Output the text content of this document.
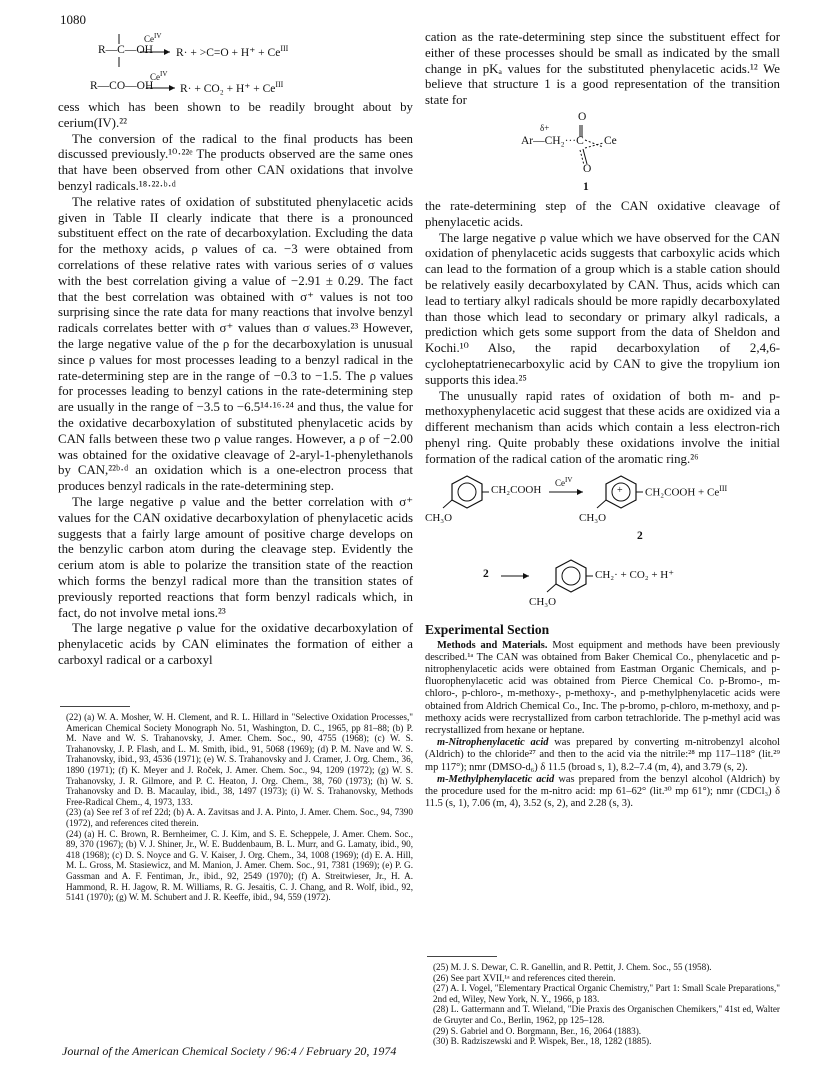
1080
R—C—OH
$Ce^{IV}$
$R\cdot + >C=O + H^+ + Ce^{III}$
R—CO—OH
$Ce^{IV}$
$R\cdot + CO_2 + H^+ + Ce^{III}$

cess which has been shown to be readily brought about by cerium(IV).²²

The conversion of the radical to the final products has been discussed previously.¹⁰·²²ᵉ The products observed are the same ones that have been observed from other CAN oxidations that involve benzyl radicals.¹⁸·²²·ᵇ·ᵈ

The relative rates of oxidation of substituted phenylacetic acids given in Table II clearly indicate that there is a pronounced substituent effect on the rate of decarboxylation. Excluding the data for the methoxy acids, ρ values of ca. −3 were obtained from correlations of these relative rates with various series of σ values with the best correlation giving a value of −2.91 ± 0.29. The fact that the best correlation was obtained with σ⁺ values is not too surprising since the rate data for many reactions that involve benzyl radicals correlates better with σ⁺ values than σ values.²³ However, the large negative value of the ρ for the decarboxylation is unusual since ρ values for most processes leading to a benzyl radical in the rate-determining step are in the range of −0.3 to −1.5. The ρ values for processes leading to benzyl cations in the rate-determining step are usually in the range of −3.5 to −6.5¹⁴·¹⁶·²⁴ and thus, the value for the oxidative decarboxylation of substituted phenylacetic acids by CAN falls between these two ρ value ranges. However, a ρ of −2.00 was obtained for the oxidative cleavage of 2-aryl-1-phenylethanols by CAN,²²ᵇ·ᵈ an oxidation which is a one-electron process that produces benzyl radicals in the rate-determining step.

The large negative ρ value and the better correlation with σ⁺ values for the CAN oxidative decarboxylation of phenylacetic acids suggests that a fairly large amount of positive charge develops on the benzylic carbon atom during the cleavage step. Evidently the cerium atom is able to polarize the transition state of the reaction which forms the benzyl radical more than the transition states of previously reported reactions that form benzyl radicals which, in fact, do not involve metal ions.²³

The large negative ρ value for the oxidative decarboxylation of phenylacetic acids by CAN eliminates the formation of either a carboxyl radical or a carboxyl

(22) (a) W. A. Mosher, W. H. Clement, and R. L. Hillard in "Selective Oxidation Processes," American Chemical Society Monograph No. 51, Washington, D. C., 1965, pp 81–88; (b) P. M. Nave and W. S. Trahanovsky, J. Amer. Chem. Soc., 90, 4755 (1968); (c) W. S. Trahanovsky, J. P. Flash, and L. M. Smith, ibid., 91, 5068 (1969); (d) P. M. Nave and W. S. Trahanovsky, ibid., 93, 4536 (1971); (e) W. S. Trahanovsky and J. Cramer, J. Org. Chem., 36, 1890 (1971); (f) K. Meyer and J. Roček, J. Amer. Chem. Soc., 94, 1209 (1972); (g) W. S. Trahanovsky, J. R. Gilmore, and P. C. Heaton, J. Org. Chem., 38, 760 (1973); (h) W. S. Trahanovsky and D. B. Macaulay, ibid., 38, 1497 (1973); (i) W. S. Trahanovsky, Methods Free-Radical Chem., 4, 1973, 133.

(23) (a) See ref 3 of ref 22d; (b) A. A. Zavitsas and J. A. Pinto, J. Amer. Chem. Soc., 94, 7390 (1972), and references cited therein.

(24) (a) H. C. Brown, R. Bernheimer, C. J. Kim, and S. E. Scheppele, J. Amer. Chem. Soc., 89, 370 (1967); (b) V. J. Shiner, Jr., W. E. Buddenbaum, B. L. Murr, and G. Lamaty, ibid., 90, 418 (1968); (c) D. S. Noyce and G. V. Kaiser, J. Org. Chem., 34, 1008 (1969); (d) E. A. Hill, M. L. Gross, M. Stasiewicz, and M. Manion, J. Amer. Chem. Soc., 91, 7381 (1969); (e) P. G. Gassman and A. F. Fentiman, Jr., ibid., 92, 2549 (1970); (f) A. Streitwieser, Jr., H. A. Hammond, R. H. Jagow, R. M. Williams, R. G. Jesaitis, C. J. Chang, and R. Wolf, ibid., 92, 5141 (1970); (g) W. M. Schubert and J. R. Keeffe, ibid., 94, 559 (1972).

cation as the rate-determining step since the substituent effect for either of these processes should be small as indicated by the small change in pKₐ values for the substituted phenylacetic acids.¹² We believe that structure 1 is a good representation of the transition state for

O
δ+
Ar—CH₂···C Ce
O
1

the rate-determining step of the CAN oxidative cleavage of phenylacetic acids.

The large negative ρ value which we have observed for the CAN oxidation of phenylacetic acids suggests that carboxylic acids which can lead to the formation of a group which is a stable cation should be relatively easily decarboxylated by CAN. Thus, acids which can lead to tertiary alkyl radicals should be more rapidly decarboxylated than those which lead to secondary or primary alkyl radicals, a prediction which gets some support from the data of Sheldon and Kochi.¹⁰ Also, the rapid decarboxylation of 2,4,6-cycloheptatrienecarboxylic acid by CAN to give the tropylium ion supports this idea.²⁵

The unusually rapid rates of oxidation of both m- and p-methoxyphenylacetic acid suggest that these acids are oxidized via a different mechanism than acids which contain a less electron-rich phenyl ring. Quite probably these oxidations involve the initial formation of the radical cation of the aromatic ring.²⁶

+
CH₂COOH
$Ce^{IV}$
CH₂COOH + $Ce^{III}$
CH₃O	CH₃O
2
2	CH₂· + CO₂ + H⁺
CH₃O

Experimental Section

Methods and Materials. Most equipment and methods have been previously described.¹ᵃ The CAN was obtained from Baker Chemical Co., phenylacetic and p-nitrophenylacetic acids were obtained from Eastman Organic Chemicals, and p-fluorophenylacetic acid was obtained from Pierce Chemical Co. p-Bromo-, m-chloro-, p-chloro-, m-methoxy-, p-methoxy-, and p-methylphenylacetic acids were obtained from Aldrich Chemical Co., Inc. The p-bromo, p-chloro, m-methoxy, and p-methoxy acids were recrystallized from carbon tetrachloride. The p-methyl acid was recrystallized from hexane or heptane.

m-Nitrophenylacetic acid was prepared by converting m-nitrobenzyl alcohol (Aldrich) to the chloride²⁷ and then to the acid via the nitrile:²⁸ mp 117–118° (lit.²⁹ mp 117°); nmr (DMSO-d₆) δ 11.5 (broad s, 1), 8.2–7.4 (m, 4), and 3.79 (s, 2).

m-Methylphenylacetic acid was prepared from the benzyl alcohol (Aldrich) by the procedure used for the m-nitro acid: mp 61–62° (lit.³⁰ mp 61°); nmr (CDCl₃) δ 11.5 (s, 1), 7.06 (m, 4), 3.52 (s, 2), and 2.28 (s, 3).

(25) M. J. S. Dewar, C. R. Ganellin, and R. Pettit, J. Chem. Soc., 55 (1958).

(26) See part XVII,¹ᵃ and references cited therein.

(27) A. I. Vogel, "Elementary Practical Organic Chemistry," Part 1: Small Scale Preparations," 2nd ed, Wiley, New York, N. Y., 1966, p 183.

(28) L. Gattermann and T. Wieland, "Die Praxis des Organischen Chemikers," 41st ed, Walter de Gruyter and Co., Berlin, 1962, pp 125–128.

(29) S. Gabriel and O. Borgmann, Ber., 16, 2064 (1883).

(30) B. Radziszewski and P. Wispek, Ber., 18, 1282 (1885).

Journal of the American Chemical Society / 96:4 / February 20, 1974
